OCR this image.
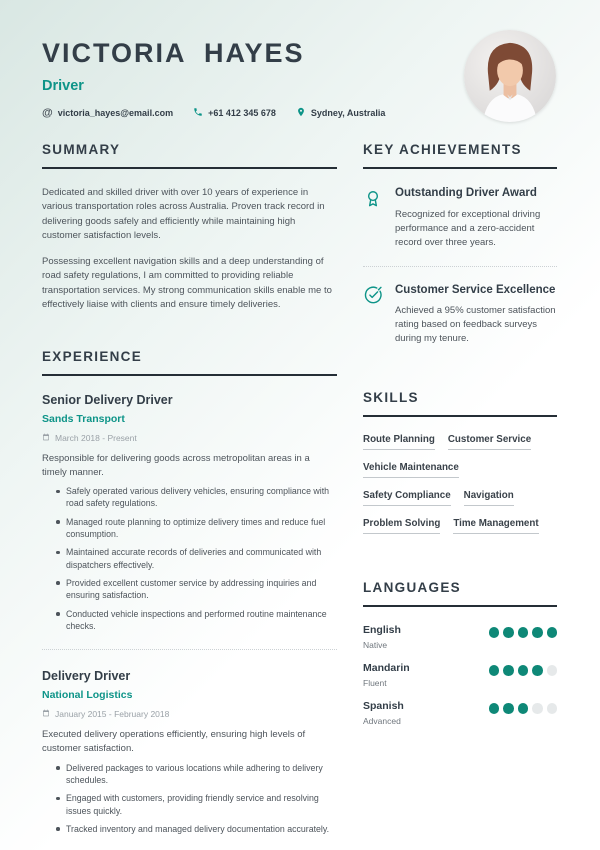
VICTORIA HAYES
Driver
@ victoria_hayes@email.com	+61 412 345 678	Sydney, Australia
SUMMARY

Dedicated and skilled driver with over 10 years of experience in various transportation roles across Australia. Proven track record in delivering goods safely and efficiently while maintaining high customer satisfaction levels.

Possessing excellent navigation skills and a deep understanding of road safety regulations, I am committed to providing reliable transportation services. My strong communication skills enable me to effectively liaise with clients and ensure timely deliveries.

EXPERIENCE
Senior Delivery Driver
Sands Transport
March 2018 - Present

Responsible for delivering goods across metropolitan areas in a timely manner.

Safely operated various delivery vehicles, ensuring compliance with road safety regulations.
Managed route planning to optimize delivery times and reduce fuel consumption.
Maintained accurate records of deliveries and communicated with dispatchers effectively.
Provided excellent customer service by addressing inquiries and ensuring satisfaction.
Conducted vehicle inspections and performed routine maintenance checks.
Delivery Driver
National Logistics
January 2015 - February 2018

Executed delivery operations efficiently, ensuring high levels of customer satisfaction.

Delivered packages to various locations while adhering to delivery schedules.
Engaged with customers, providing friendly service and resolving issues quickly.
Tracked inventory and managed delivery documentation accurately.
KEY ACHIEVEMENTS
Outstanding Driver Award
Recognized for exceptional driving performance and a zero-accident record over three years.
Customer Service Excellence
Achieved a 95% customer satisfaction rating based on feedback surveys during my tenure.
SKILLS
Route Planning Customer Service
Vehicle Maintenance
Safety Compliance Navigation
Problem Solving Time Management
LANGUAGES
English
Native
Mandarin
Fluent
Spanish
Advanced
